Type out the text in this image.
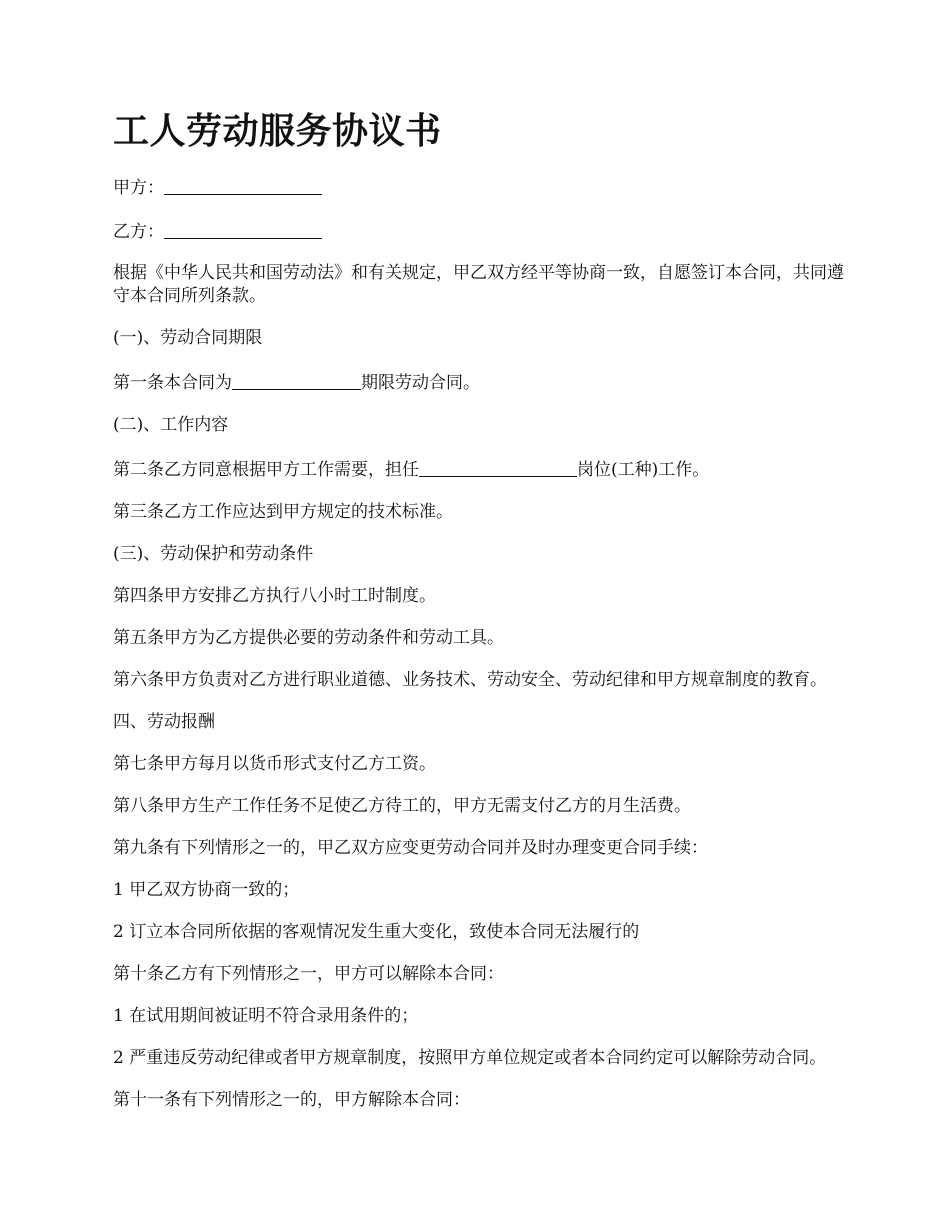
工人劳动服务协议书

甲方：

乙方：

根据《中华人民共和国劳动法》和有关规定，甲乙双方经平等协商一致，自愿签订本合同，共同遵守本合同所列条款。

(一)、劳动合同期限

第一条本合同为	期限劳动合同。

(二)、工作内容

第二条乙方同意根据甲方工作需要，担任	岗位(工种)工作。

第三条乙方工作应达到甲方规定的技术标准。

(三)、劳动保护和劳动条件

第四条甲方安排乙方执行八小时工时制度。

第五条甲方为乙方提供必要的劳动条件和劳动工具。

第六条甲方负责对乙方进行职业道德、业务技术、劳动安全、劳动纪律和甲方规章制度的教育。

四、劳动报酬

第七条甲方每月以货币形式支付乙方工资。

第八条甲方生产工作任务不足使乙方待工的，甲方无需支付乙方的月生活费。

第九条有下列情形之一的，甲乙双方应变更劳动合同并及时办理变更合同手续：

1 甲乙双方协商一致的；

2 订立本合同所依据的客观情况发生重大变化，致使本合同无法履行的

第十条乙方有下列情形之一，甲方可以解除本合同：

1 在试用期间被证明不符合录用条件的；

2 严重违反劳动纪律或者甲方规章制度，按照甲方单位规定或者本合同约定可以解除劳动合同。

第十一条有下列情形之一的，甲方解除本合同：
